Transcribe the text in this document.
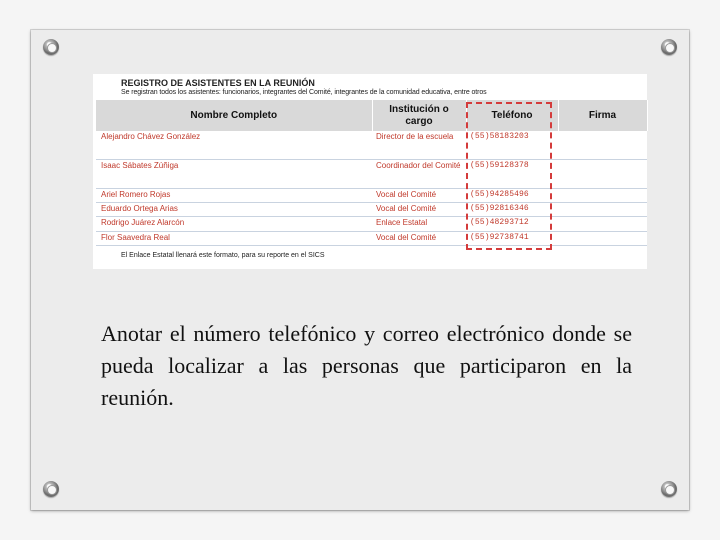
REGISTRO DE ASISTENTES EN LA REUNIÓN
Se registran todos los asistentes: funcionarios, integrantes del Comité, integrantes de la comunidad educativa, entre otros
Nombre Completo	Institución o cargo	Teléfono	Firma
Alejandro Chávez González	Director de la escuela	(55)58183203	
Isaac Sábates Zúñiga	Coordinador del Comité	(55)59128378	
Ariel Romero Rojas	Vocal del Comité	(55)94285496	
Eduardo Ortega Arias	Vocal del Comité	(55)92816346	
Rodrigo Juárez Alarcón	Enlace Estatal	(55)48293712	
Flor Saavedra Real	Vocal del Comité	(55)92738741	
El Enlace Estatal llenará este formato, para su reporte en el SICS
Anotar el número telefónico y correo electrónico donde se pueda localizar a las personas que participaron en la reunión.
